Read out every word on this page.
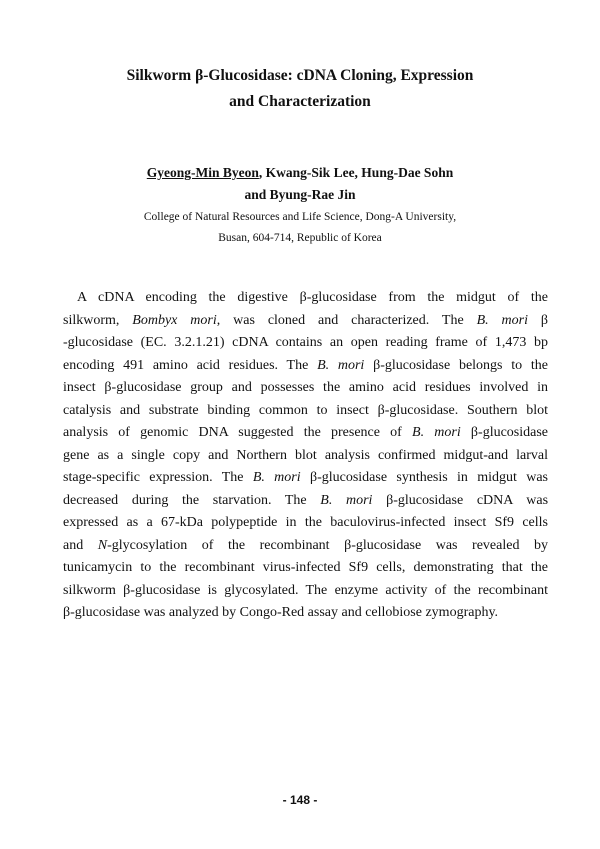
Silkworm β-Glucosidase: cDNA Cloning, Expression
and Characterization
Gyeong-Min Byeon, Kwang-Sik Lee, Hung-Dae Sohn
and Byung-Rae Jin
College of Natural Resources and Life Science, Dong-A University,
Busan, 604-714, Republic of Korea
A cDNA encoding the digestive β-glucosidase from the midgut of the
silkworm, Bombyx mori, was cloned and characterized. The B. mori β
-glucosidase (EC. 3.2.1.21) cDNA contains an open reading frame of 1,473 bp
encoding 491 amino acid residues. The B. mori β-glucosidase belongs to the
insect β-glucosidase group and possesses the amino acid residues involved in
catalysis and substrate binding common to insect β-glucosidase. Southern blot
analysis of genomic DNA suggested the presence of B. mori β-glucosidase
gene as a single copy and Northern blot analysis confirmed midgut-and larval
stage-specific expression. The B. mori β-glucosidase synthesis in midgut was
decreased during the starvation. The B. mori β-glucosidase cDNA was
expressed as a 67-kDa polypeptide in the baculovirus-infected insect Sf9 cells
and N-glycosylation of the recombinant β-glucosidase was revealed by
tunicamycin to the recombinant virus-infected Sf9 cells, demonstrating that the
silkworm β-glucosidase is glycosylated. The enzyme activity of the recombinant
β-glucosidase was analyzed by Congo-Red assay and cellobiose zymography.
- 148 -
